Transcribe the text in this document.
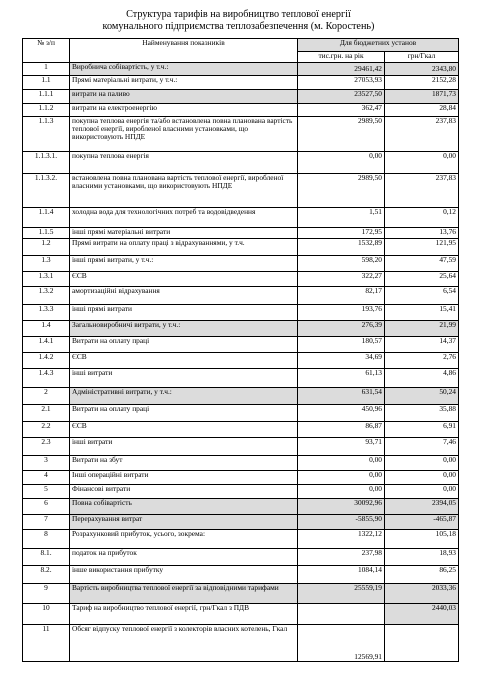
Структура тарифів на виробництво теплової енергії
комунального підприємства теплозабезпечення (м. Коростень)
№ з/п	Найменування показників	Для бюджетних установ	
		тис.грн. на рік	грн/Гкал
1	Виробнича собівартість, у т.ч.:	29461,42	2343,80
1.1	Прямі матеріальні витрати, у т.ч.:	27053,93	2152,28
1.1.1	витрати на паливо	23527,50	1871,73
1.1.2	витрати на електроенергію	362,47	28,84
1.1.3	покупна теплова енергія та/або встановлена повна планована вартість теплової енергії, виробленої власними установками, що використовують НПДЕ	2989,50	237,83
1.1.3.1.	покупна теплова енергія	0,00	0,00
1.1.3.2.	встановлена повна планована вартість теплової енергії, виробленої власними установками, що використовують НПДЕ	2989,50	237,83
1.1.4	холодна вода для технологічних потреб та водовідведення	1,51	0,12
1.1.5	інші прямі матеріальні витрати	172,95	13,76
1.2	Прямі витрати на оплату праці з відрахуваннями, у т.ч.	1532,89	121,95
1.3	інші прямі витрати, у т.ч.:	598,20	47,59
1.3.1	ЄСВ	322,27	25,64
1.3.2	амортизаційні відрахування	82,17	6,54
1.3.3	інші прямі витрати	193,76	15,41
1.4	Загальновиробничі витрати, у т.ч.:	276,39	21,99
1.4.1	Витрати на оплату праці	180,57	14,37
1.4.2	ЄСВ	34,69	2,76
1.4.3	інші витрати	61,13	4,86
2	Адміністративні витрати, у т.ч.:	631,54	50,24
2.1	Витрати на оплату праці	450,96	35,88
2.2	ЄСВ	86,87	6,91
2.3	інші витрати	93,71	7,46
3	Витрати на збут	0,00	0,00
4	Інші операційні витрати	0,00	0,00
5	Фінансові витрати	0,00	0,00
6	Повна собівартість	30092,96	2394,05
7	Перерахування витрат	-5855,90	-465,87
8	Розрахунковий прибуток, усього, зокрема:	1322,12	105,18
8.1.	податок на прибуток	237,98	18,93
8.2.	інше використання прибутку	1084,14	86,25
9	Вартість виробництва теплової енергії за відповідними тарифами	25559,19	2033,36
10	Тариф на виробництво теплової енергії, грн/Гкал з ПДВ		2440,03
11	Обсяг відпуску теплової енергії з колекторів власних котелень, Гкал	12569,91	
